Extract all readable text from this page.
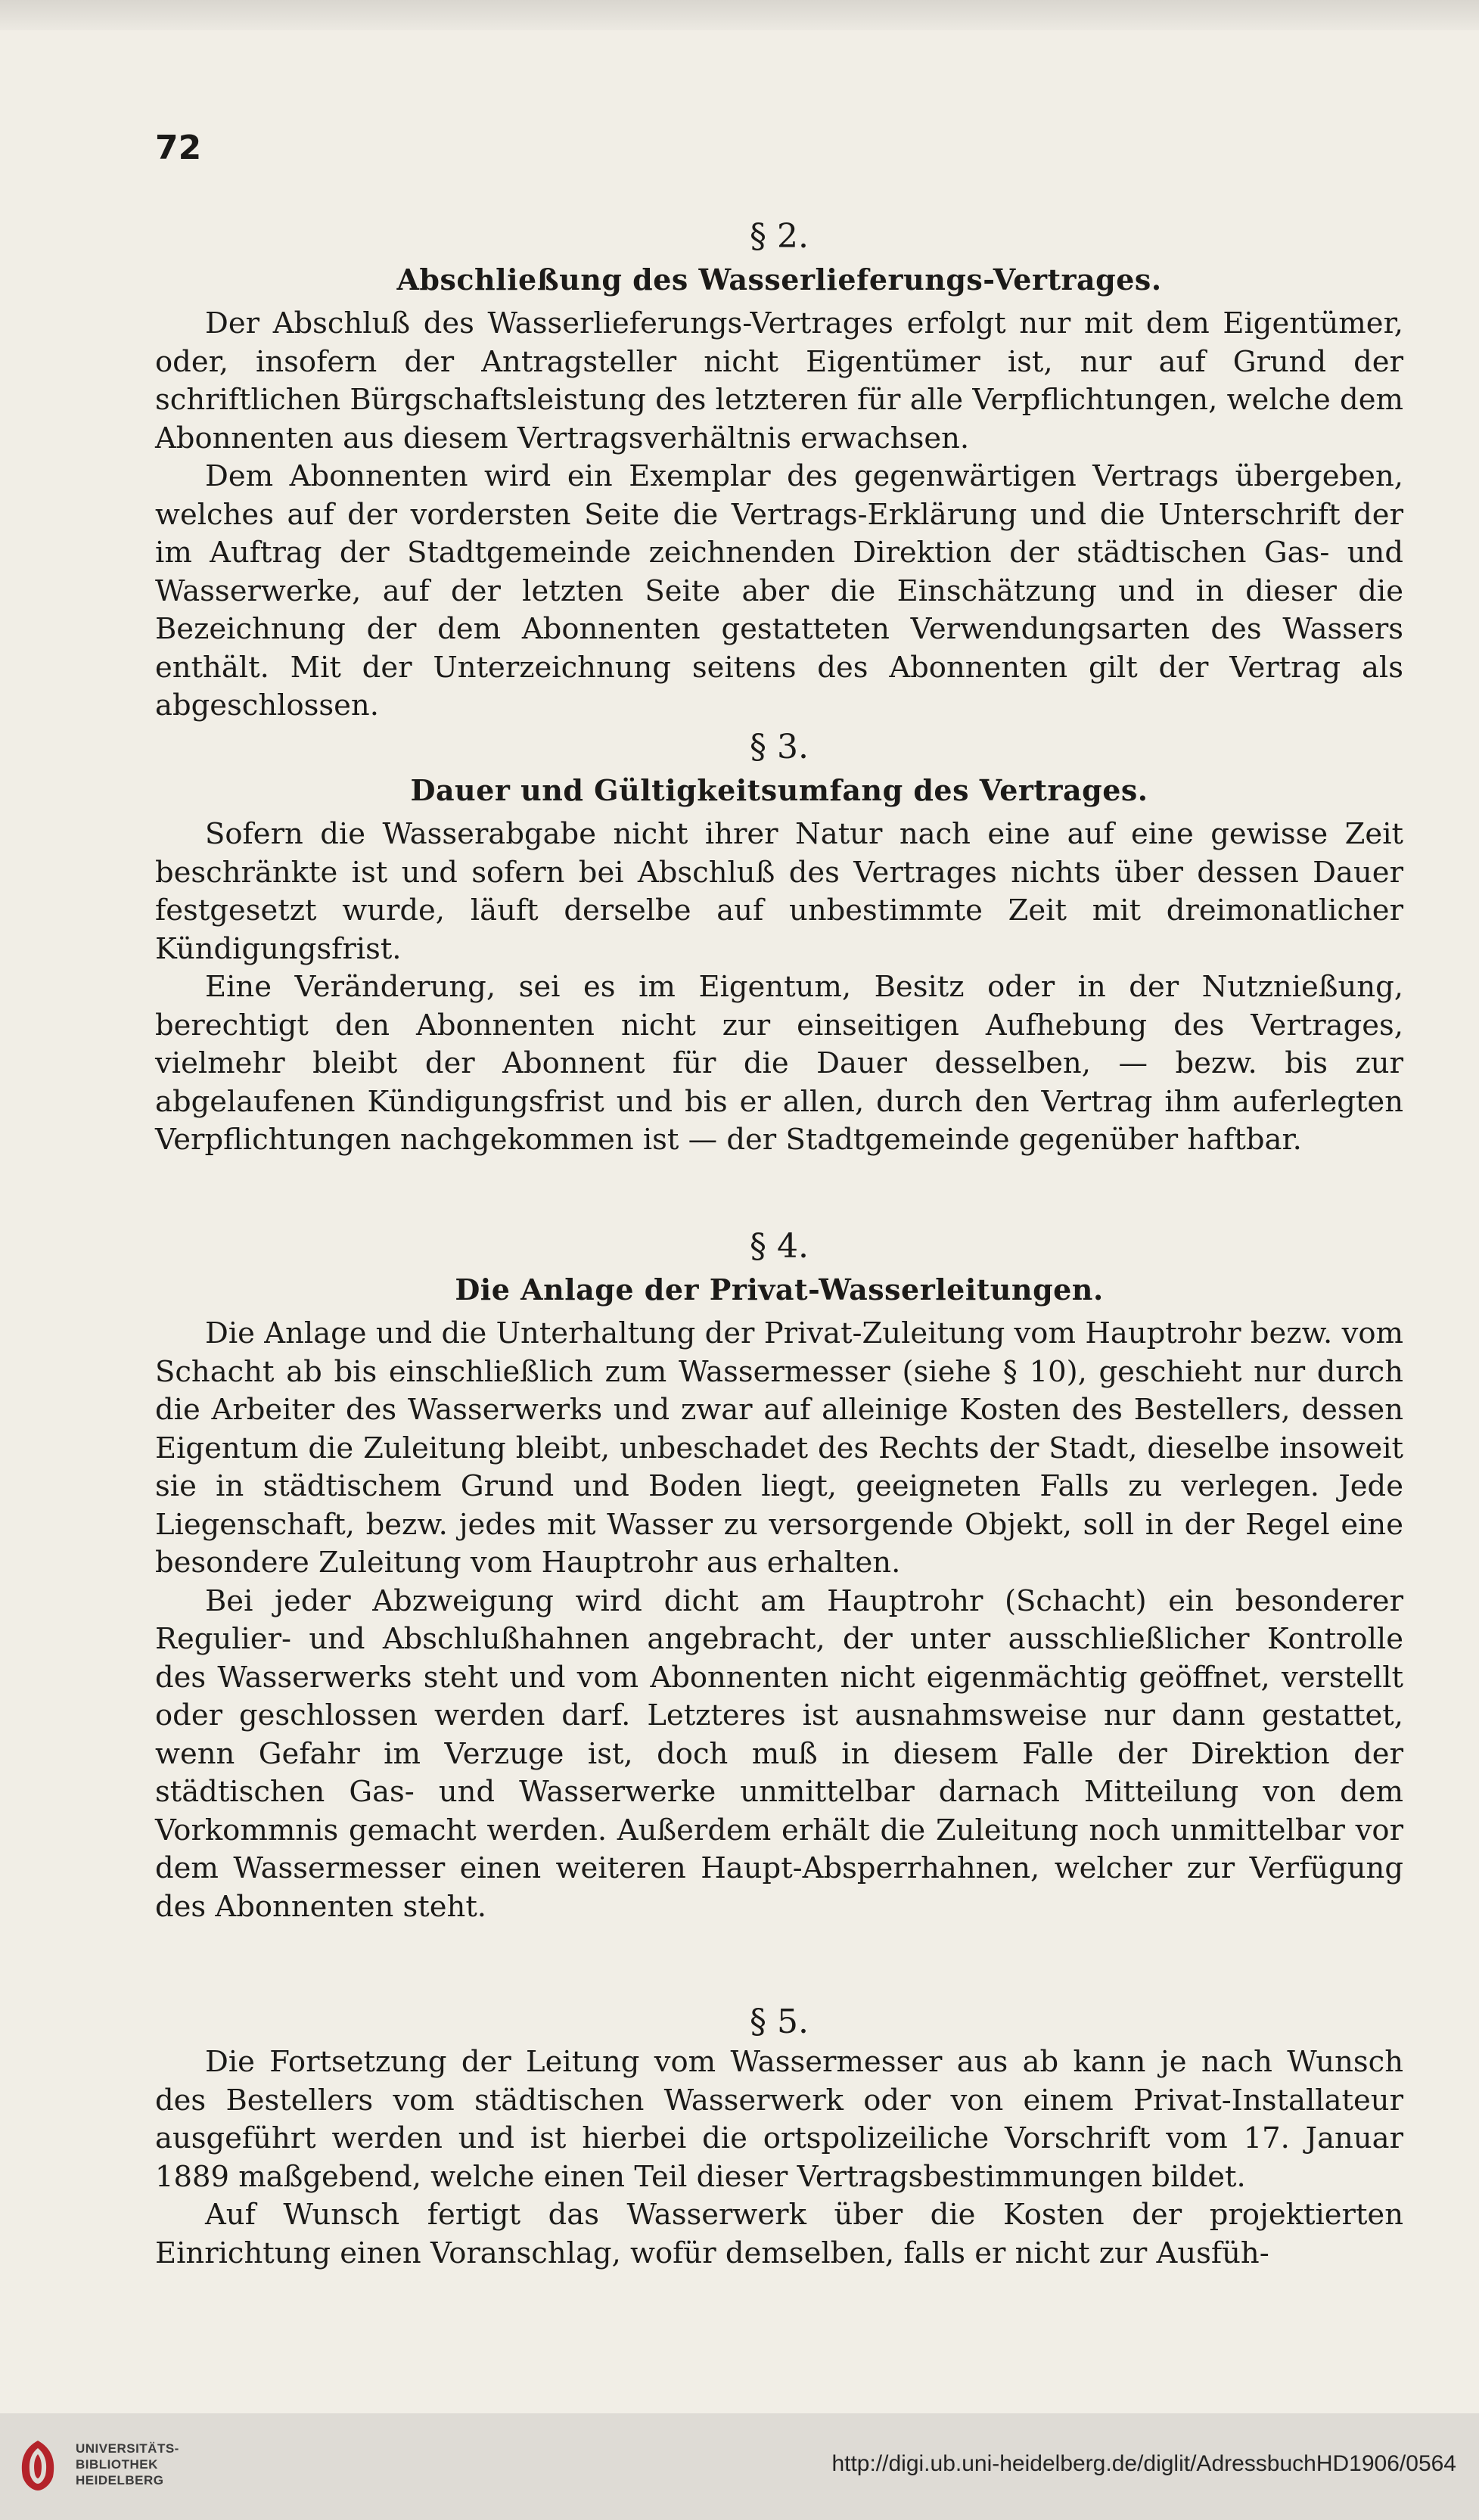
72

§ 2.

Abschließung des Wasserlieferungs-Vertrages.

Der Abschluß des Wasserlieferungs-Vertrages erfolgt nur mit dem Eigentümer, oder, insofern der Antragsteller nicht Eigentümer ist, nur auf Grund der schriftlichen Bürgschaftsleistung des letzteren für alle Verpflichtungen, welche dem Abonnenten aus diesem Vertragsverhältnis erwachsen.

Dem Abonnenten wird ein Exemplar des gegenwärtigen Vertrags übergeben, welches auf der vordersten Seite die Vertrags-Erklärung und die Unterschrift der im Auftrag der Stadtgemeinde zeichnenden Direktion der städtischen Gas- und Wasserwerke, auf der letzten Seite aber die Einschätzung und in dieser die Bezeichnung der dem Abonnenten gestatteten Verwendungsarten des Wassers enthält. Mit der Unterzeichnung seitens des Abonnenten gilt der Vertrag als abgeschlossen.

§ 3.

Dauer und Gültigkeitsumfang des Vertrages.

Sofern die Wasserabgabe nicht ihrer Natur nach eine auf eine gewisse Zeit beschränkte ist und sofern bei Abschluß des Vertrages nichts über dessen Dauer festgesetzt wurde, läuft derselbe auf unbestimmte Zeit mit dreimonatlicher Kündigungsfrist.

Eine Veränderung, sei es im Eigentum, Besitz oder in der Nutznießung, berechtigt den Abonnenten nicht zur einseitigen Aufhebung des Vertrages, vielmehr bleibt der Abonnent für die Dauer desselben, — bezw. bis zur abgelaufenen Kündigungsfrist und bis er allen, durch den Vertrag ihm auferlegten Verpflichtungen nachgekommen ist — der Stadtgemeinde gegenüber haftbar.

§ 4.

Die Anlage der Privat-Wasserleitungen.

Die Anlage und die Unterhaltung der Privat-Zuleitung vom Hauptrohr bezw. vom Schacht ab bis einschließlich zum Wassermesser (siehe § 10), geschieht nur durch die Arbeiter des Wasserwerks und zwar auf alleinige Kosten des Bestellers, dessen Eigentum die Zuleitung bleibt, unbeschadet des Rechts der Stadt, dieselbe insoweit sie in städtischem Grund und Boden liegt, geeigneten Falls zu verlegen. Jede Liegenschaft, bezw. jedes mit Wasser zu versorgende Objekt, soll in der Regel eine besondere Zuleitung vom Hauptrohr aus erhalten.

Bei jeder Abzweigung wird dicht am Hauptrohr (Schacht) ein besonderer Regulier- und Abschlußhahnen angebracht, der unter ausschließlicher Kontrolle des Wasserwerks steht und vom Abonnenten nicht eigenmächtig geöffnet, verstellt oder geschlossen werden darf. Letzteres ist ausnahmsweise nur dann gestattet, wenn Gefahr im Verzuge ist, doch muß in diesem Falle der Direktion der städtischen Gas- und Wasserwerke unmittelbar darnach Mitteilung von dem Vorkommnis gemacht werden. Außerdem erhält die Zuleitung noch unmittelbar vor dem Wassermesser einen weiteren Haupt-Absperrhahnen, welcher zur Verfügung des Abonnenten steht.

§ 5.

Die Fortsetzung der Leitung vom Wassermesser aus ab kann je nach Wunsch des Bestellers vom städtischen Wasserwerk oder von einem Privat-Installateur ausgeführt werden und ist hierbei die ortspolizeiliche Vorschrift vom 17. Januar 1889 maßgebend, welche einen Teil dieser Vertragsbestimmungen bildet.

Auf Wunsch fertigt das Wasserwerk über die Kosten der projektierten Einrichtung einen Voranschlag, wofür demselben, falls er nicht zur Ausfüh-

UNIVERSITÄTS-
BIBLIOTHEK
HEIDELBERG
http://digi.ub.uni-heidelberg.de/diglit/AdressbuchHD1906/0564
